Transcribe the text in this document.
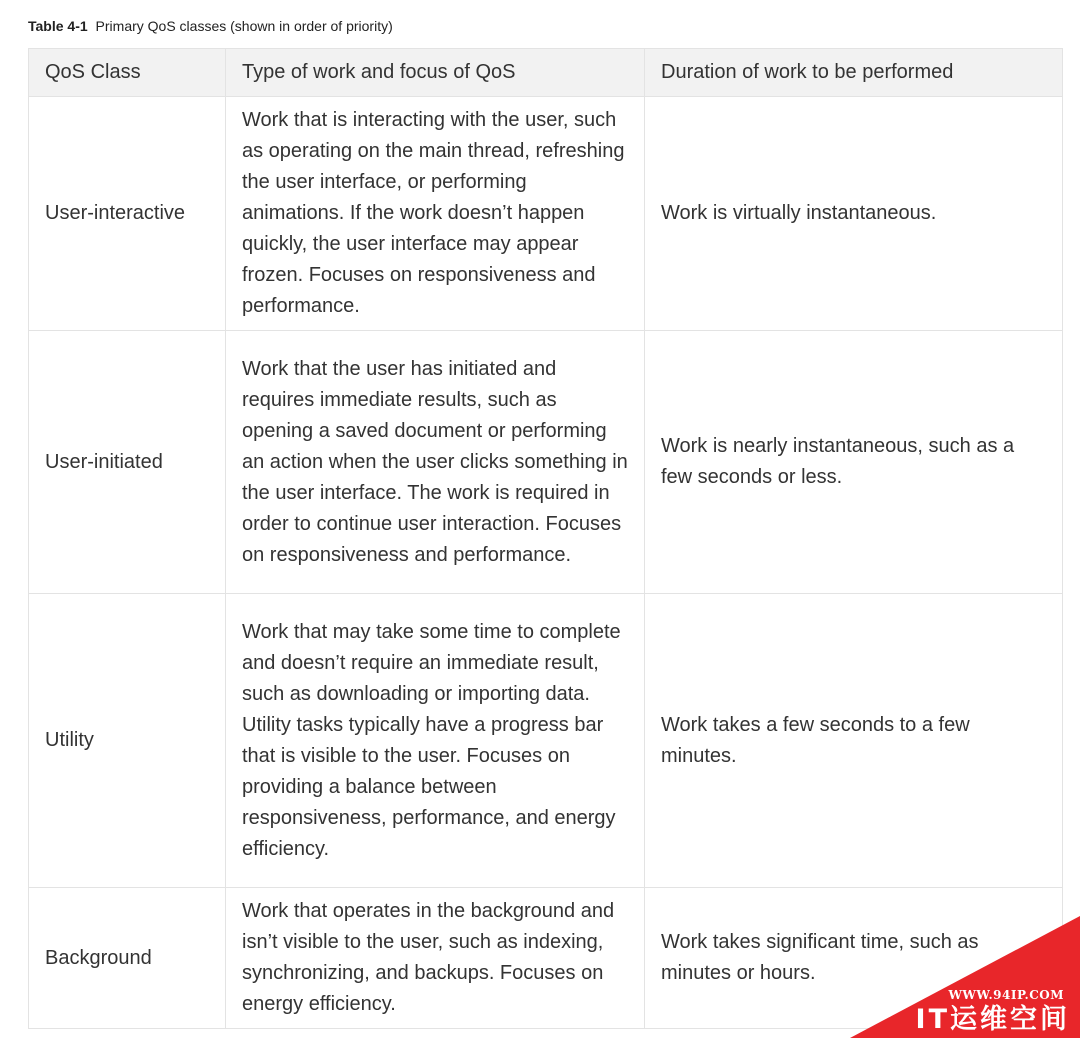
Table 4-1 Primary QoS classes (shown in order of priority)
QoS Class	Type of work and focus of QoS	Duration of work to be performed
User-interactive	Work that is interacting with the user, such as operating on the main thread, refreshing the user interface, or performing animations. If the work doesn’t happen quickly, the user interface may appear frozen. Focuses on responsiveness and performance.	Work is virtually instantaneous.
User-initiated	Work that the user has initiated and requires immediate results, such as opening a saved document or performing an action when the user clicks something in the user interface. The work is required in order to continue user interaction. Focuses on responsiveness and performance.	Work is nearly instantaneous, such as a few seconds or less.
Utility	Work that may take some time to complete and doesn’t require an immediate result, such as downloading or importing data. Utility tasks typically have a progress bar that is visible to the user. Focuses on providing a balance between responsiveness, performance, and energy efficiency.	Work takes a few seconds to a few minutes.
Background	Work that operates in the background and isn’t visible to the user, such as indexing, synchronizing, and backups. Focuses on energy efficiency.	Work takes significant time, such as minutes or hours.
WWW.94IP.COM
IT运维空间
